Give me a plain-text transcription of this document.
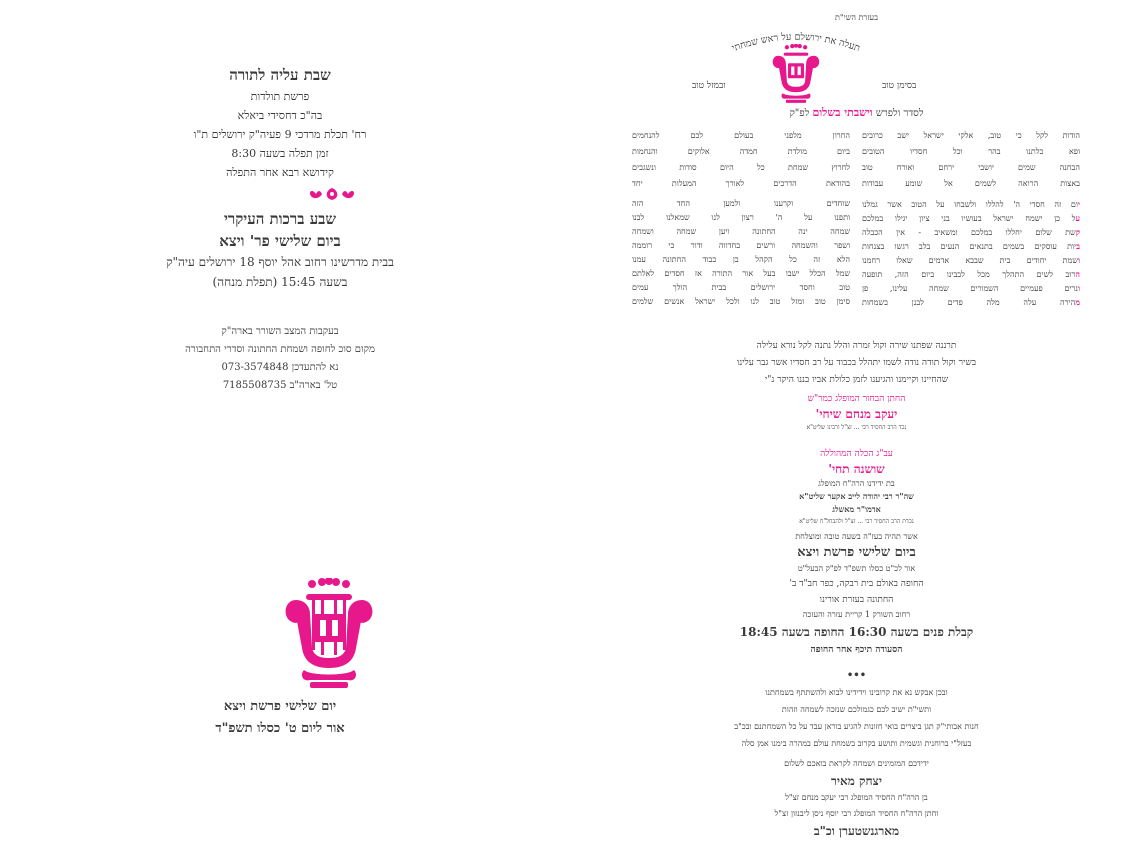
שבת עליה לתורה
פרשת תולדות
בה"כ דחסידי ביאלא
רח' תכלת מרדכי 9 פעיה"ק ירושלים ת"ו
זמן תפלה בשעה 8:30
קידושא רבא אחר התפלה
שבע ברכות העיקרי
ביום שלישי פר' ויצא
בבית מדרשינו רחוב אהל יוסף 18 ירושלים עיה"ק
בשעה 15:45 (תפלת מנחה)
בעקבות המצב השורר בארה"ק
מקום סוכ לחופה ושמחת החתונה וסדרי התחבורה
נא להתעדכן 073-3574848
טל' בארה"ב 7185508735
יום שלישי פרשת ויצא
אור ליום ט' כסלו תשפ"ד
בעזרת השי"ת
תעלה את ירושלם על ראש שמחתי
בסימן טוב
ובמזל טוב
לסדר ולפרש וישבתי בשלום לפ"ק
הודות לקל כי טוב, אלקי ישראל ישב כרובים
החרון מלפני בעולם לכם להנחמים
ופא כלתנו בהר וכל חסדיו הטובים
ביום מולדת חמדה אלוקים והנחמות
הבחנה שמים יושבי ירחם ואורח טוב
לחרוץ שמחת כל היום סודות ונשגבים
באצות הרואה לשמים אל שומע עבודות
בהודאת הדרכים לאורך המעלות יחד
יום זה חסדי ה' להללו ולשבחו על הטוב אשר גמלנו
על כן ישמח ישראל בעושיו בני ציון יגילו במלכם
קשת שלום יחללו במלכם ומשאיב - אין הכבלה
ביות עוסקים בשמים בתנאים הנעים בלב רגשו בצנחות
ושמת יחודים בית שבבא אדמים שאלו רחמנו
הרוב לשים התהלך מכל לבבינו ביום הזה, תופעה
ונרים פעמיים השמורים שמחה עלינו, פן
מהירה עלה מלה פדים לבנן בשמחות
שוחדים וקרענו ולמען החד הזה
ותפנו על ה' רצון לנו שמאלנו לבנו
שמחה ינה החתונה ויען שמחה ושמחה
ושפר והשמחה ורשים בחדווה ודור כי רוממה
הלא זה כל הקהל בן כבוד החתונה עמנו
שמל הכלל ישבו בעל אור התורה אז חסדים לאלתם
טוב וחסד ירושלים בבית הולך עמים
סימן טוב ומזל טוב לנו ולכל ישראל אנשים שלמים
תרננה שפתנו שירה וקול זמרה והלל נתנה לקל נורא עלילה
בשיר וקול תודה נודה לשמו יתהלל בכבוד על רב חסדיו אשר גבר עלינו
שהחיינו וקיימנו והגיענו לזמן כלולת אביו בננו היקר נ"י
החתן הבחור המופלג כמר"ש
יעקב מנחם שיחי'
נכד הרב החסיד רבי ... זצ"ל ורבינו שליט"א
עב"ג הכלה המהוללה
שושנה תחי'
בת ידידנו הרה"ח המופלג
שה"ר רבי יהודה לייב אקער שליט"א
אדמו"ר מאשלג
נכדת הרב החסיד רבי ... זצ"ל ולהבחל"ח שליט"א
אשר תהיה בעז"ה בשעה טובה ומוצלחת
ביום שלישי פרשת ויצא
אור לכ"ט כסלו תשפ"ד לפ"ק הבעל"ט
החופה באולם בית רבקה, כפר חב"ד ב'
החתונה בעזרת אורינו
רחוב השורק 1 קריית עזרה והעזכה
קבלת פנים בשעה 16:30 החופה בשעה 18:45
הסעודה תיכף אחר החופה
•••
ובכן אבקש נא את קרובינו וידידינו לבוא ולהשתתף בשמחתנו
ותשי"ת ישיב לכם כגמולכם שנזכה לשמחה וזהות
חנות אבותי"ק תגן ביצרים בואי חזונות להגיע בוראן עבד על כל השמחתנם ובכ"ב
בעזל"י ברוחנית וגשמית ותושע בקרוב בשמחת עולם במהרה בימנו אמן סלה
ידידכם המזמינים ושמחה לקראת בואכם לשלום
יצחק מאיר
בן הרה"ח החסיד המופלג רבי יעקב מנחם זצ"ל
וחתן הרה"ח החסיד המופלג רבי יוסף ניסן ליבנזון זצ"ל
מארגנשטערן וכ"ב
